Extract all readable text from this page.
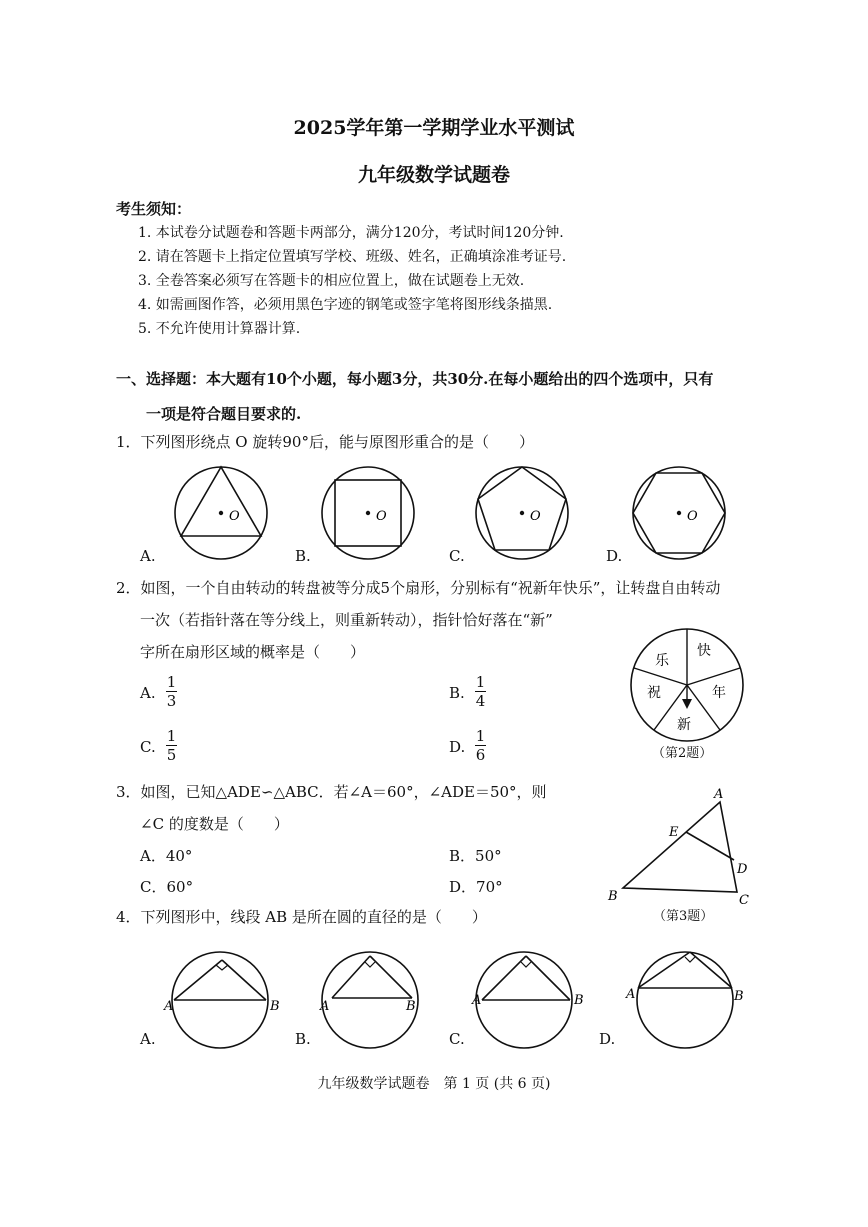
2025学年第一学期学业水平测试
九年级数学试题卷
考生须知：
1. 本试卷分试题卷和答题卡两部分，满分120分，考试时间120分钟.
2. 请在答题卡上指定位置填写学校、班级、姓名，正确填涂准考证号.
3. 全卷答案必须写在答题卡的相应位置上，做在试题卷上无效.
4. 如需画图作答，必须用黑色字迹的钢笔或签字笔将图形线条描黑.
5. 不允许使用计算器计算.
一、选择题：本大题有10个小题，每小题3分，共30分.在每小题给出的四个选项中，只有
一项是符合题目要求的.
1．下列图形绕点 O 旋转90°后，能与原图形重合的是（　　）
O
A.
O
B.
O
C.
O
D.
2．如图，一个自由转动的转盘被等分成5个扇形，分别标有“祝新年快乐”，让转盘自由转动
一次（若指针落在等分线上，则重新转动），指针恰好落在“新”
字所在扇形区域的概率是（　　）	乐
快
年
新
祝
（第2题）
A.
1
3	B.
1
4
C.
1
5	D.
1
6
3．如图，已知△ADE∽△ABC．若∠A＝60°，∠ADE＝50°，则
∠C 的度数是（　　）
A．40°	B．50°
C．60°	D．70°
A
B	C
D
E
（第3题）
4．下列图形中，线段 AB 是所在圆的直径的是（　　）
A	B
A.
A	B
B.
A	B
C.
A	B
D.
九年级数学试题卷　第 1 页 (共 6 页)
